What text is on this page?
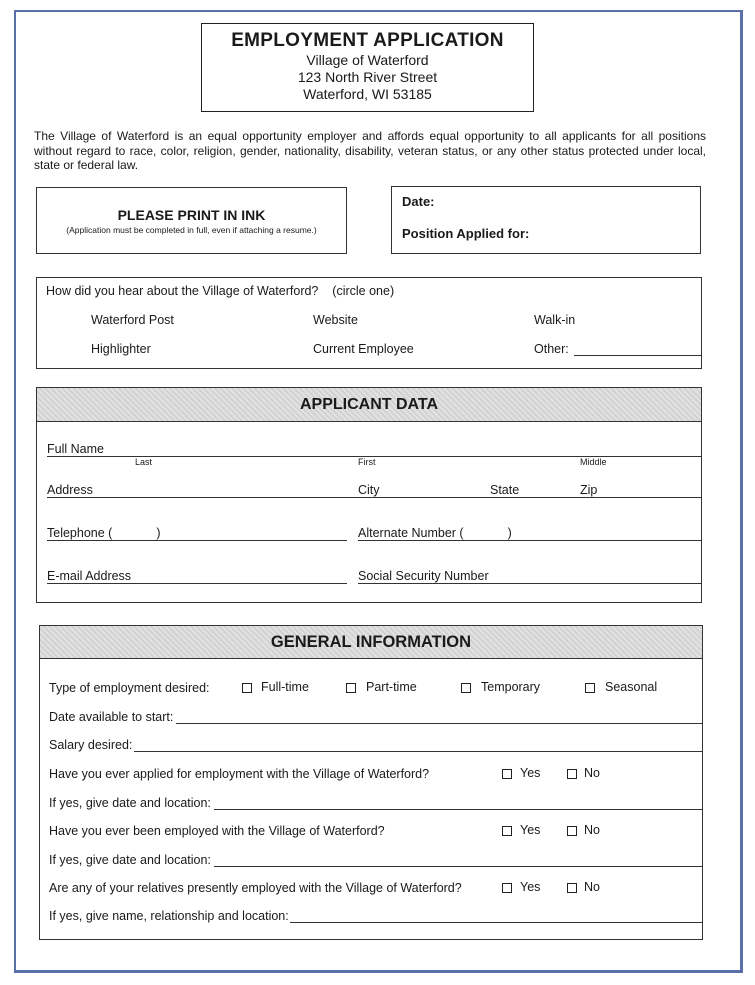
EMPLOYMENT APPLICATION
Village of Waterford
123 North River Street
Waterford, WI 53185
The Village of Waterford is an equal opportunity employer and affords equal opportunity to all applicants for all positions without regard to race, color, religion, gender, nationality, disability, veteran status, or any other status protected under local, state or federal law.
PLEASE PRINT IN INK
(Application must be completed in full, even if attaching a resume.)
Date:
Position Applied for:
How did you hear about the Village of Waterford? (circle one)
Waterford Post	Website	Walk-in
Highlighter	Current Employee	Other:
APPLICANT DATA
Full Name
Last	First	Middle
Address	City	State	Zip
Telephone (	)	Alternate Number (	)
E-mail Address	Social Security Number
GENERAL INFORMATION
Type of employment desired:	Full-time	Part-time	Temporary	Seasonal
Date available to start:
Salary desired:
Have you ever applied for employment with the Village of Waterford?	Yes	No
If yes, give date and location:
Have you ever been employed with the Village of Waterford?	Yes	No
If yes, give date and location:
Are any of your relatives presently employed with the Village of Waterford?	Yes	No
If yes, give name, relationship and location:
